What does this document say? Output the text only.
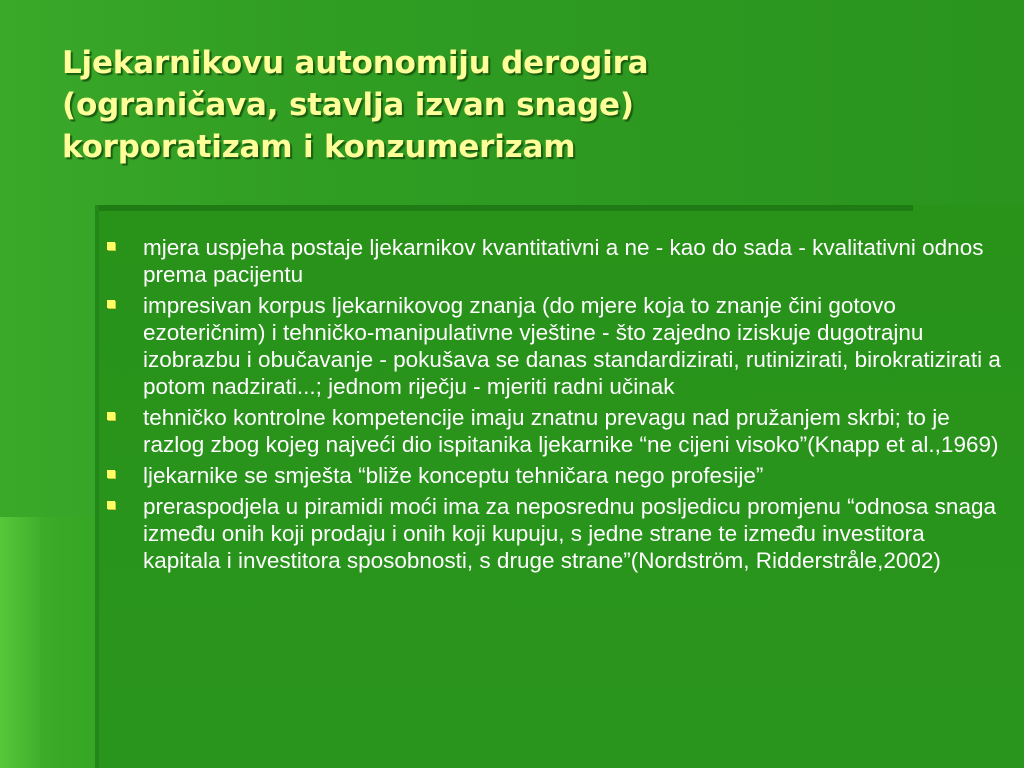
Ljekarnikovu autonomiju derogira
(ograničava, stavlja izvan snage)
korporatizam i konzumerizam
mjera uspjeha postaje ljekarnikov kvantitativni a ne - kao do sada - kvalitativni odnos prema pacijentu
impresivan korpus ljekarnikovog znanja (do mjere koja to znanje čini gotovo ezoteričnim) i tehničko-manipulativne vještine - što zajedno iziskuje dugotrajnu izobrazbu i obučavanje - pokušava se danas standardizirati, rutinizirati, birokratizirati a potom nadzirati...; jednom riječju - mjeriti radni učinak
tehničko kontrolne kompetencije imaju znatnu prevagu nad pružanjem skrbi; to je razlog zbog kojeg najveći dio ispitanika ljekarnike “ne cijeni visoko”(Knapp et al.,1969)
ljekarnike se smješta “bliže konceptu tehničara nego profesije”
preraspodjela u piramidi moći ima za neposrednu posljedicu promjenu “odnosa snaga između onih koji prodaju i onih koji kupuju, s jedne strane te između investitora kapitala i investitora sposobnosti, s druge strane”(Nordström, Ridderstråle,2002)
